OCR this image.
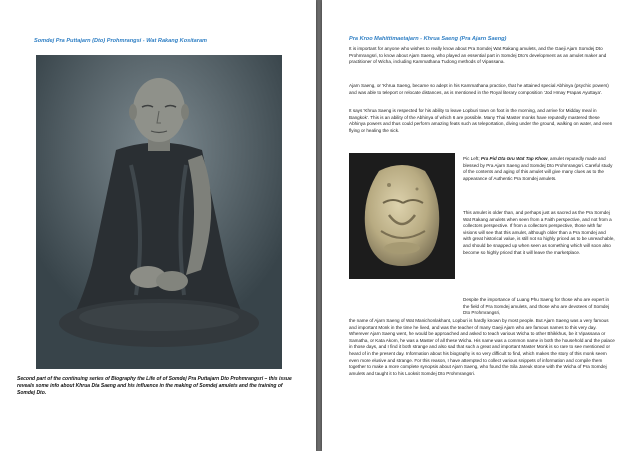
Somdej Pra Puttajarn (Dto) Prohmrangsi - Wat Rakang Kositaram

Second part of the continuing series of Biography the Life of of Somdej Pra Puttajarn Dto Prohmrangsri – this issue reveals some info about Khrua Dta Saeng and his influence in the making of Somdej amulets and the training of Somdej Dto.

Pra Kroo Mahittimaetajarn - Khrua Saeng (Pra Ajarn Saeng)

It is important for anyone who wishes to really know about Pra Somdej Wat Rakang amulets, and the Gaeji Ajarn Somdej Dto Prohmrangsri, to know about Ajarn Saeng, who played an essential part in Somdej Dto's development as an amulet maker and practitioner of Wicha, including Kammathana Tudong methods of Vipassana.

Ajarn Saeng, or 'Khrua Saeng, became so adept in his Kammathana practice, that he attained special Abhinya (psychic powers) and was able to teleport or relocate distances, as is mentioned in the Royal literary composition 'Jod Hmay Prapas Ayuttaya'.

It says 'Khrua Saeng is respected for his ability to leave Lopburi town on foot in the morning, and arrive for Midday meal in Bangkok'. This is an ability of the Abhinya of which 6 are possible. Many Thai Master monks have reputedly mastered these Abhinya powers and thus could perform amazing feats such as teleportation, diving under the ground, walking on water, and even flying or healing the sick.

Pic Left; Pra Pid Dta Gru Wat Tap Khow, amulet reputedly made and blessed by Pra Ajarn Saeng and Somdej Dto Prohmrangsri. Careful study of the contents and aging of this amulet will give many clues as to the appearance of Authentic Pra Somdej amulets.

This amulet is older than, and perhaps just as sacred as the Pra Somdej Wat Rakang amulets when seen from a Faith perspective, and not from a collectors perspective. If from a collectors perspective, those with far visions will see that this amulet, although older than a Pra Somdej and with great historical value, is still not so highly priced as to be unreachable, and should be snapped up when seen as something which will soon also become so highly priced that it will leave the marketplace.

Despite the importance of Luang Phu Saeng for those who are expert in the field of Pra Somdej amulets, and those who are devotees of Somdej Dto Prohmrangsri,

the name of Ajarn Saeng of Wat Manichonlakhant, Lopburi is hardly known by most people. But Ajarn Saeng was a very famous and important Monk in the time he lived, and was the teacher of many Gaeji Ajarn who are famous names to this very day. Wherever Ajarn Saeng went, he would be approached and asked to teach various Wicha to other Bhikkhus, be it Vipassana or Samatha, or Kata Akom, he was a Master of all these Wicha. His name was a common name in both the household and the palace in those days, and I find it both strange and also sad that such a great and important Master Monk is so rare to see mentioned or heard of in the present day. Information about his biography is so very difficult to find, which makes the story of this monk seem even more elusive and strange. For this reason, I have attempted to collect various snippets of information and compile them together to make a more complete synopsis about Ajarn Saeng, who found the Sila Jareuk stone with the Wicha of Pra Somdej amulets and taught it to his Looksit Somdej Dto Prohmrangsri.
